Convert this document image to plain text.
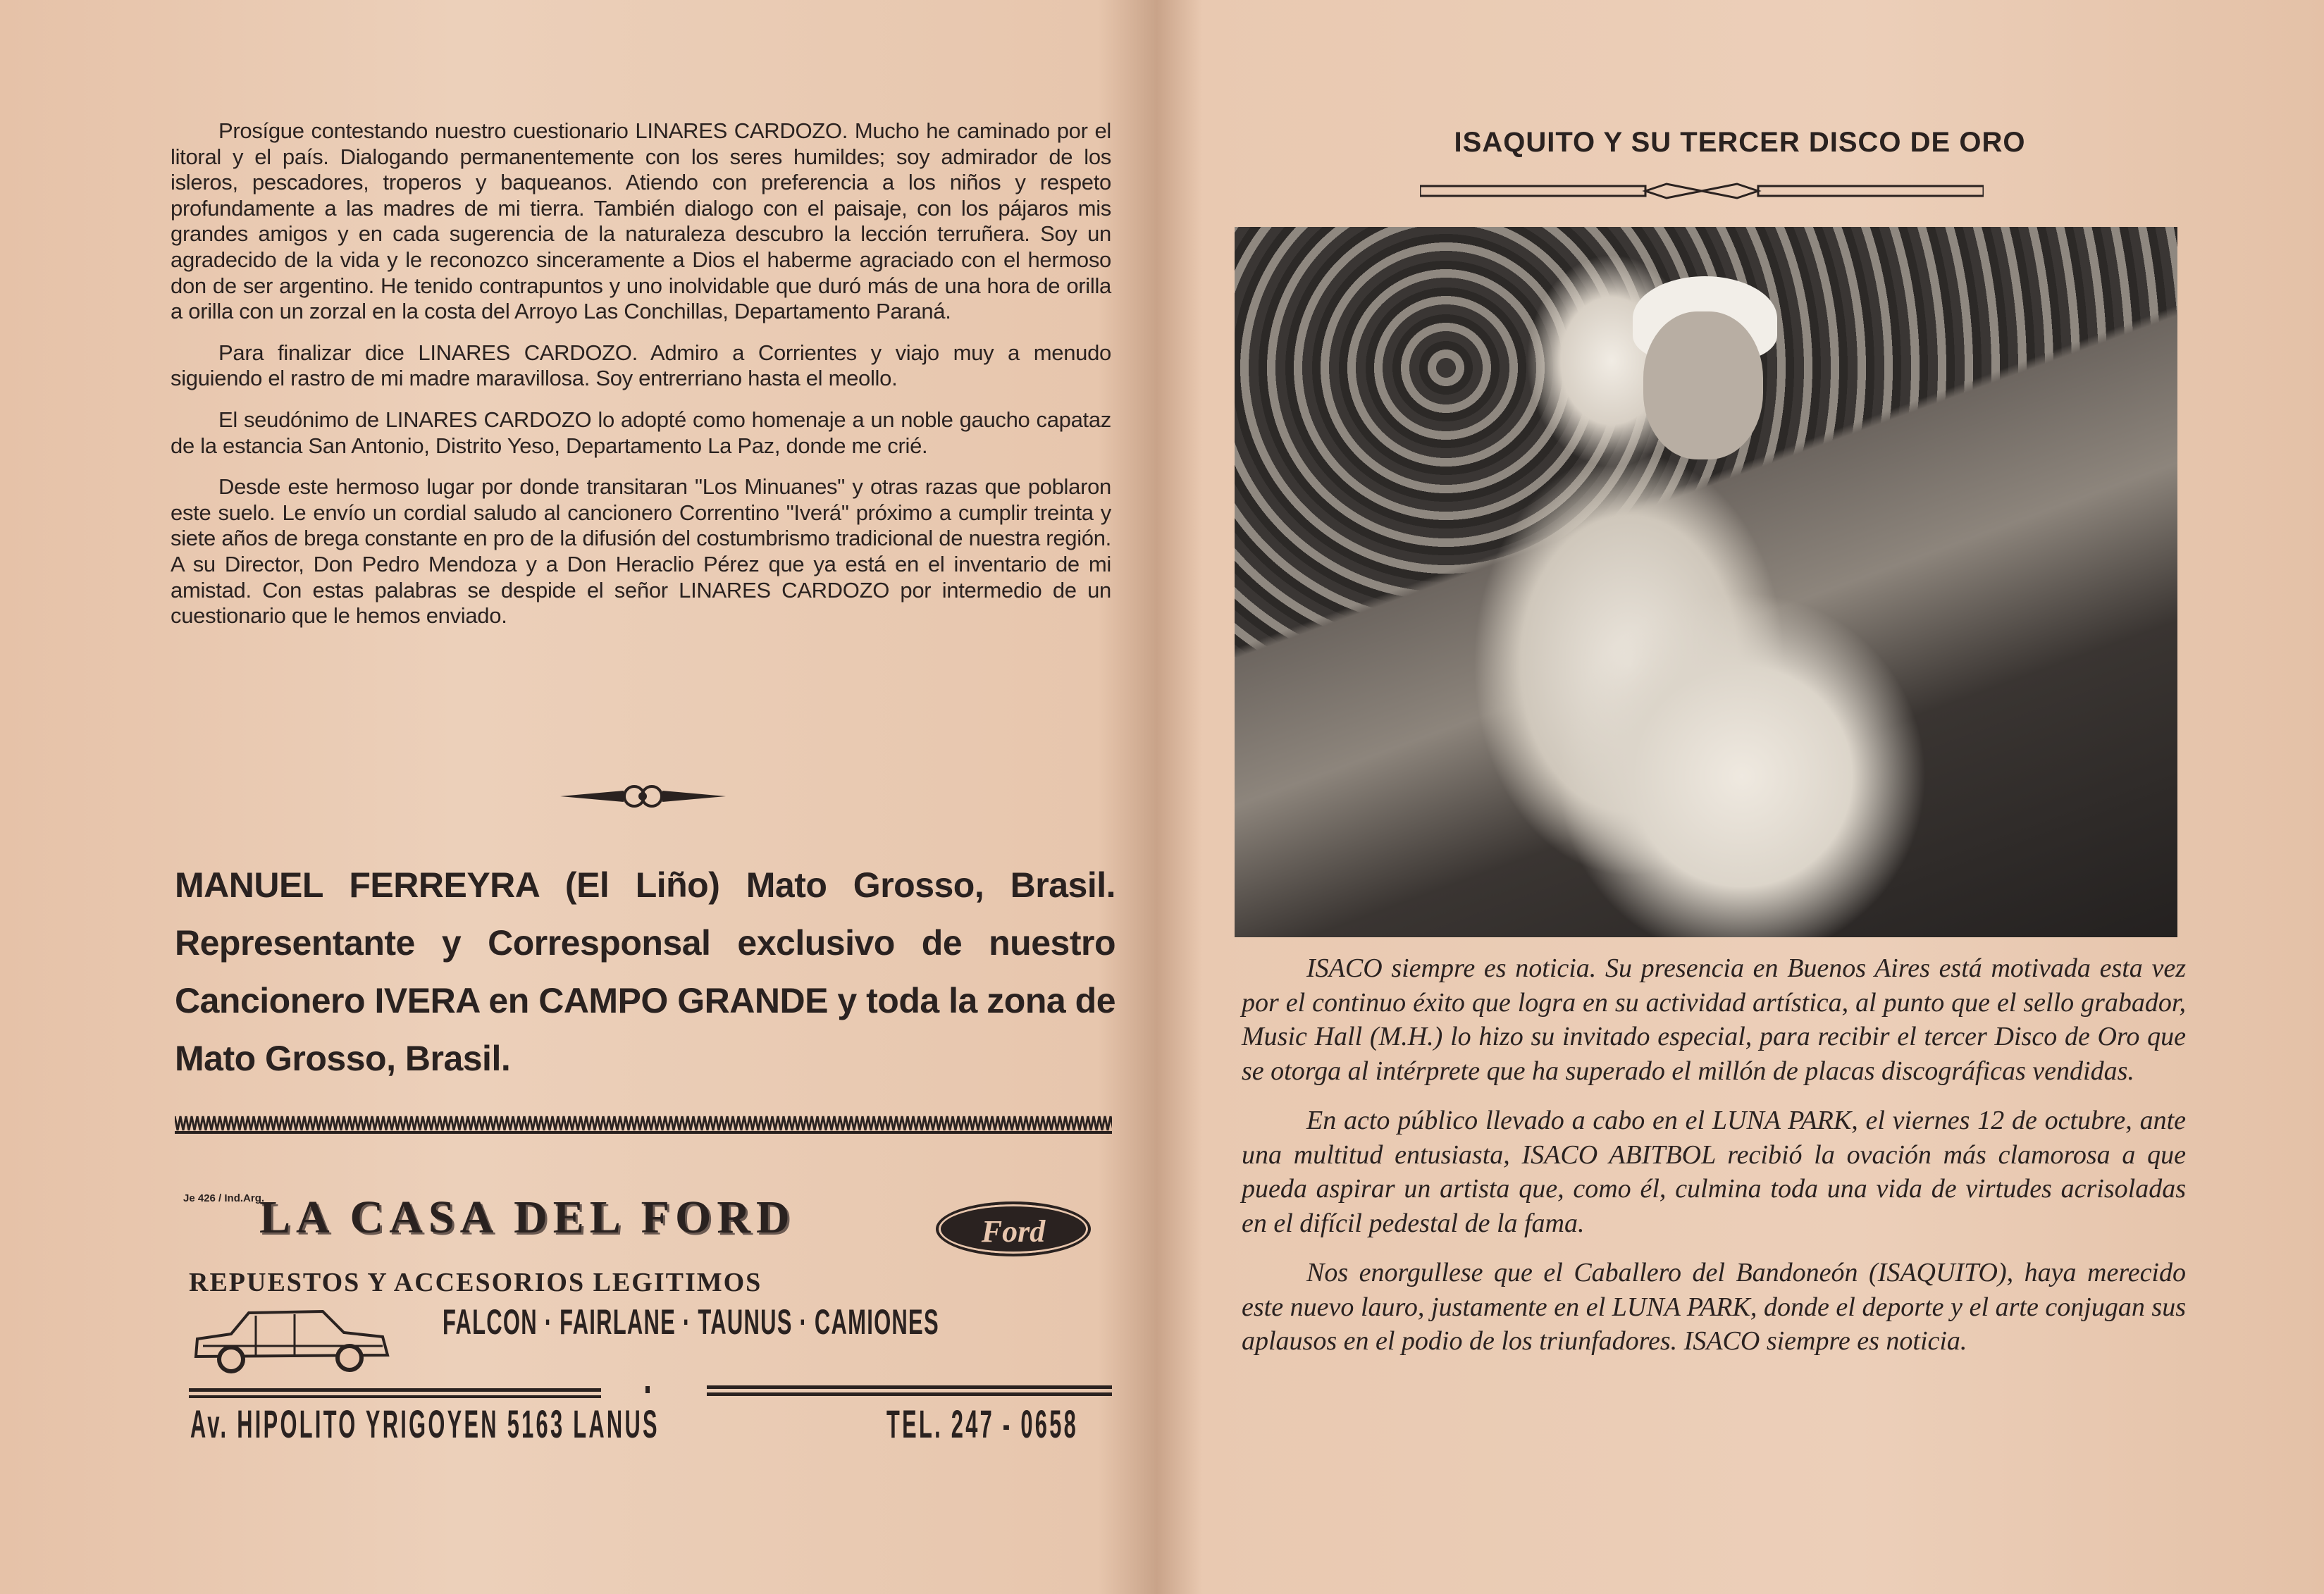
Prosígue contestando nuestro cuestionario LINARES CARDOZO. Mucho he caminado por el litoral y el país. Dialogando permanentemente con los seres humildes; soy admirador de los isleros, pescadores, troperos y baqueanos. Atiendo con preferencia a los niños y respeto profundamente a las madres de mi tierra. También dialogo con el paisaje, con los pájaros mis grandes amigos y en cada sugerencia de la naturaleza descubro la lección terruñera. Soy un agradecido de la vida y le reconozco sinceramente a Dios el haberme agraciado con el hermoso don de ser argentino. He tenido contrapuntos y uno inolvidable que duró más de una hora de orilla a orilla con un zorzal en la costa del Arroyo Las Conchillas, Departamento Paraná.

Para finalizar dice LINARES CARDOZO. Admiro a Corrientes y viajo muy a menudo siguiendo el rastro de mi madre maravillosa. Soy entrerriano hasta el meollo.

El seudónimo de LINARES CARDOZO lo adopté como homenaje a un noble gaucho capataz de la estancia San Antonio, Distrito Yeso, Departamento La Paz, donde me crié.

Desde este hermoso lugar por donde transitaran "Los Minuanes" y otras razas que poblaron este suelo. Le envío un cordial saludo al cancionero Correntino "Iverá" próximo a cumplir treinta y siete años de brega constante en pro de la difusión del costumbrismo tradicional de nuestra región. A su Director, Don Pedro Mendoza y a Don Heraclio Pérez que ya está en el inventario de mi amistad. Con estas palabras se despide el señor LINARES CARDOZO por intermedio de un cuestionario que le hemos enviado.

MANUEL FERREYRA (El Liño) Mato Grosso, Brasil. Representante y Corresponsal exclusivo de nuestro Cancionero IVERA en CAMPO GRANDE y toda la zona de Mato Grosso, Brasil.
Je 426 / Ind.Arg.
LA CASA DEL FORD	Ford
REPUESTOS Y ACCESORIOS LEGITIMOS
FALCON · FAIRLANE · TAUNUS · CAMIONES
Av. HIPOLITO YRIGOYEN 5163 LANUS	TEL. 247 - 0658
ISAQUITO Y SU TERCER DISCO DE ORO

ISACO siempre es noticia. Su presencia en Buenos Aires está motivada esta vez por el continuo éxito que logra en su actividad artística, al punto que el sello grabador, Music Hall (M.H.) lo hizo su invitado especial, para recibir el tercer Disco de Oro que se otorga al intérprete que ha superado el millón de placas discográficas vendidas.

En acto público llevado a cabo en el LUNA PARK, el viernes 12 de octubre, ante una multitud entusiasta, ISACO ABITBOL recibió la ovación más clamorosa a que pueda aspirar un artista que, como él, culmina toda una vida de virtudes acrisoladas en el difícil pedestal de la fama.

Nos enorgullese que el Caballero del Bandoneón (ISAQUITO), haya merecido este nuevo lauro, justamente en el LUNA PARK, donde el deporte y el arte conjugan sus aplausos en el podio de los triunfadores. ISACO siempre es noticia.
